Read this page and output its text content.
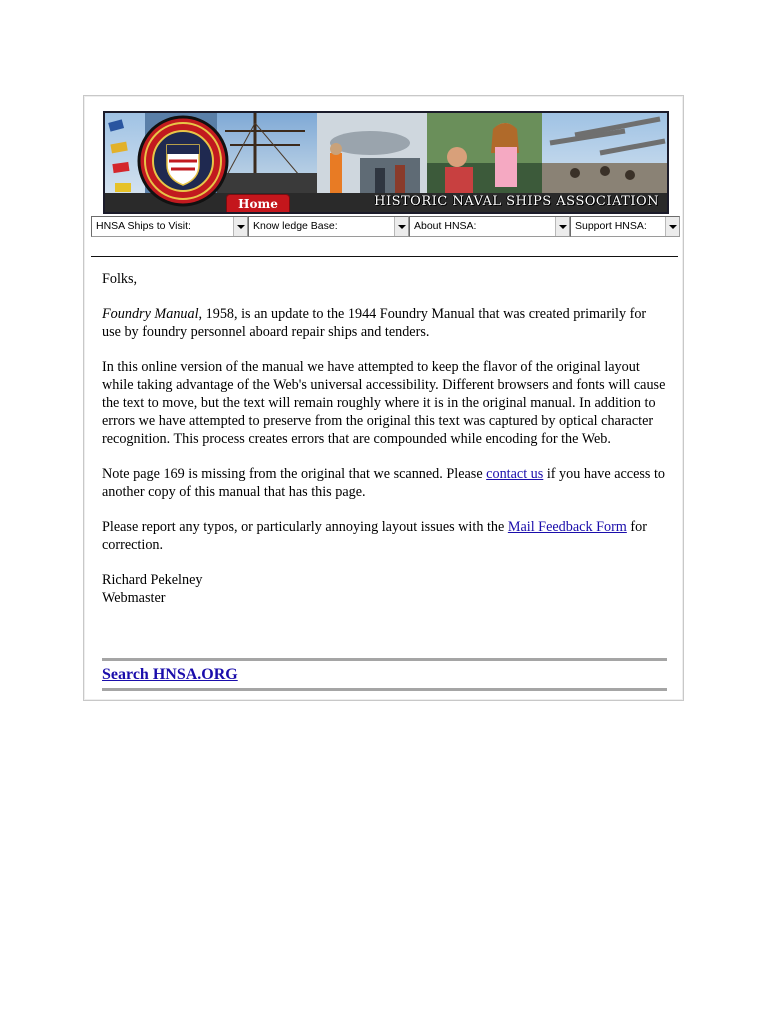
Home	HISTORIC NAVAL SHIPS ASSOCIATION
HNSA Ships to Visit:	Know ledge Base:	About HNSA:	Support HNSA:

Folks,

Foundry Manual, 1958, is an update to the 1944 Foundry Manual that was created primarily for use by foundry personnel aboard repair ships and tenders.

In this online version of the manual we have attempted to keep the flavor of the original layout while taking advantage of the Web's universal accessibility. Different browsers and fonts will cause the text to move, but the text will remain roughly where it is in the original manual. In addition to errors we have attempted to preserve from the original this text was captured by optical character recognition. This process creates errors that are compounded while encoding for the Web.

Note page 169 is missing from the original that we scanned. Please contact us if you have access to another copy of this manual that has this page.

Please report any typos, or particularly annoying layout issues with the Mail Feedback Form for correction.

Richard Pekelney
Webmaster

Search HNSA.ORG
